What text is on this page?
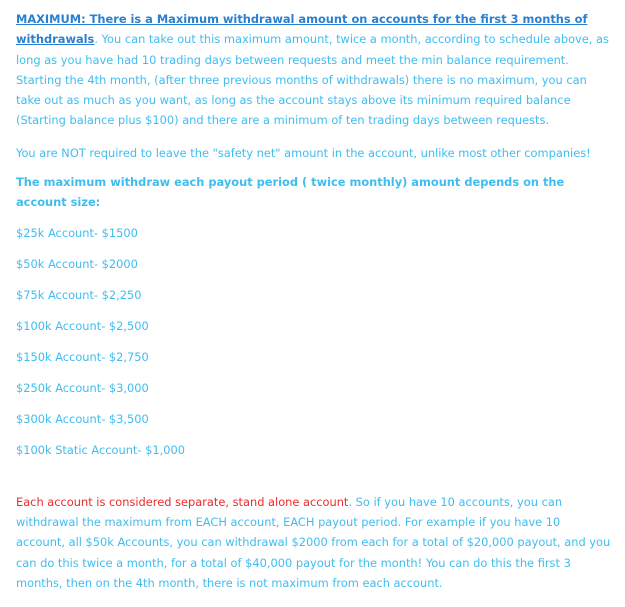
MAXIMUM: There is a Maximum withdrawal amount on accounts for the first 3 months of withdrawals. You can take out this maximum amount, twice a month, according to schedule above, as long as you have had 10 trading days between requests and meet the min balance requirement. Starting the 4th month, (after three previous months of withdrawals) there is no maximum, you can take out as much as you want, as long as the account stays above its minimum required balance (Starting balance plus $100) and there are a minimum of ten trading days between requests.

You are NOT required to leave the "safety net" amount in the account, unlike most other companies!

The maximum withdraw each payout period ( twice monthly) amount depends on the account size:

$25k Account- $1500
$50k Account- $2000
$75k Account- $2,250
$100k Account- $2,500
$150k Account- $2,750
$250k Account- $3,000
$300k Account- $3,500
$100k Static Account- $1,000

Each account is considered separate, stand alone account. So if you have 10 accounts, you can withdrawal the maximum from EACH account, EACH payout period. For example if you have 10 account, all $50k Accounts, you can withdrawal $2000 from each for a total of $20,000 payout, and you can do this twice a month, for a total of $40,000 payout for the month! You can do this the first 3 months, then on the 4th month, there is not maximum from each account.
